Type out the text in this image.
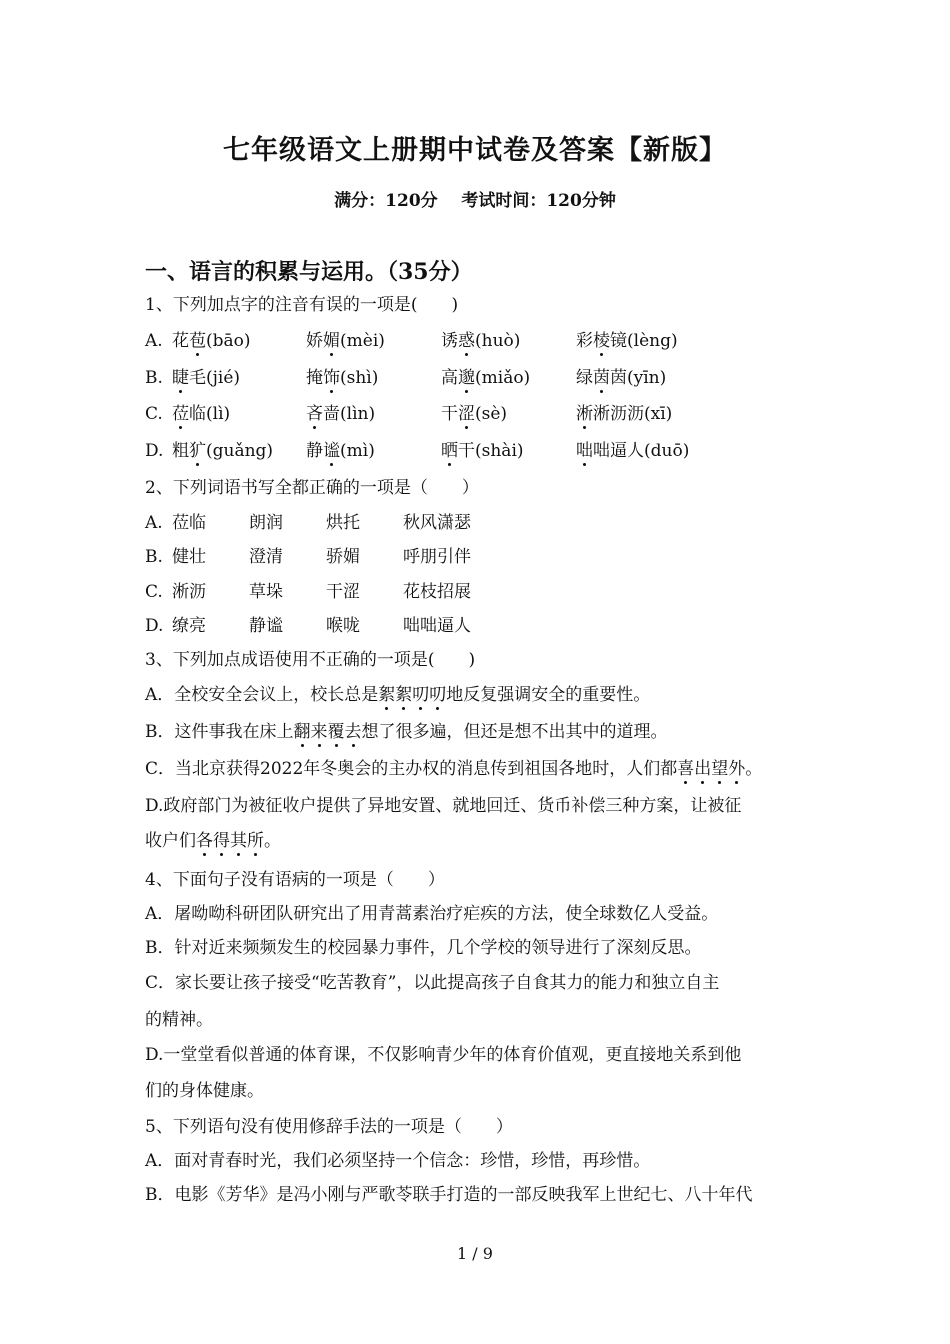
七年级语文上册期中试卷及答案【新版】
满分：120分    考试时间：120分钟
一、语言的积累与运用。（35分）
1、下列加点字的注音有误的一项是(　　)
A. 花苞(bāo)	娇媚(mèi)	诱惑(huò)	彩棱镜(lèng)
B. 睫毛(jié)	掩饰(shì)	高邈(miǎo)	绿茵茵(yīn)
C. 莅临(lì)	吝啬(lìn)	干涩(sè)	淅淅沥沥(xī)
D. 粗犷(guǎng) 静谧(mì)	晒干(shài)	咄咄逼人(duō)
2、下列词语书写全都正确的一项是（　　）
A. 莅临	朗润	烘托	秋风潇瑟
B. 健壮	澄清	骄媚	呼朋引伴
C. 淅沥	草垛	干涩	花枝招展
D. 缭亮	静谧	喉咙	咄咄逼人
3、下列加点成语使用不正确的一项是(　　)
A．全校安全会议上，校长总是絮絮叨叨地反复强调安全的重要性。
B．这件事我在床上翻来覆去想了很多遍，但还是想不出其中的道理。
C．当北京获得2022年冬奥会的主办权的消息传到祖国各地时，人们都喜出望外。
D.政府部门为被征收户提供了异地安置、就地回迁、货币补偿三种方案，让被征
收户们各得其所。
4、下面句子没有语病的一项是（　　）
A．屠呦呦科研团队研究出了用青蒿素治疗疟疾的方法，使全球数亿人受益。
B．针对近来频频发生的校园暴力事件，几个学校的领导进行了深刻反思。
C．家长要让孩子接受“吃苦教育”，以此提高孩子自食其力的能力和独立自主
的精神。
D.一堂堂看似普通的体育课，不仅影响青少年的体育价值观，更直接地关系到他
们的身体健康。
5、下列语句没有使用修辞手法的一项是（　　）
A．面对青春时光，我们必须坚持一个信念：珍惜，珍惜，再珍惜。
B．电影《芳华》是冯小刚与严歌苓联手打造的一部反映我军上世纪七、八十年代
1 / 9
